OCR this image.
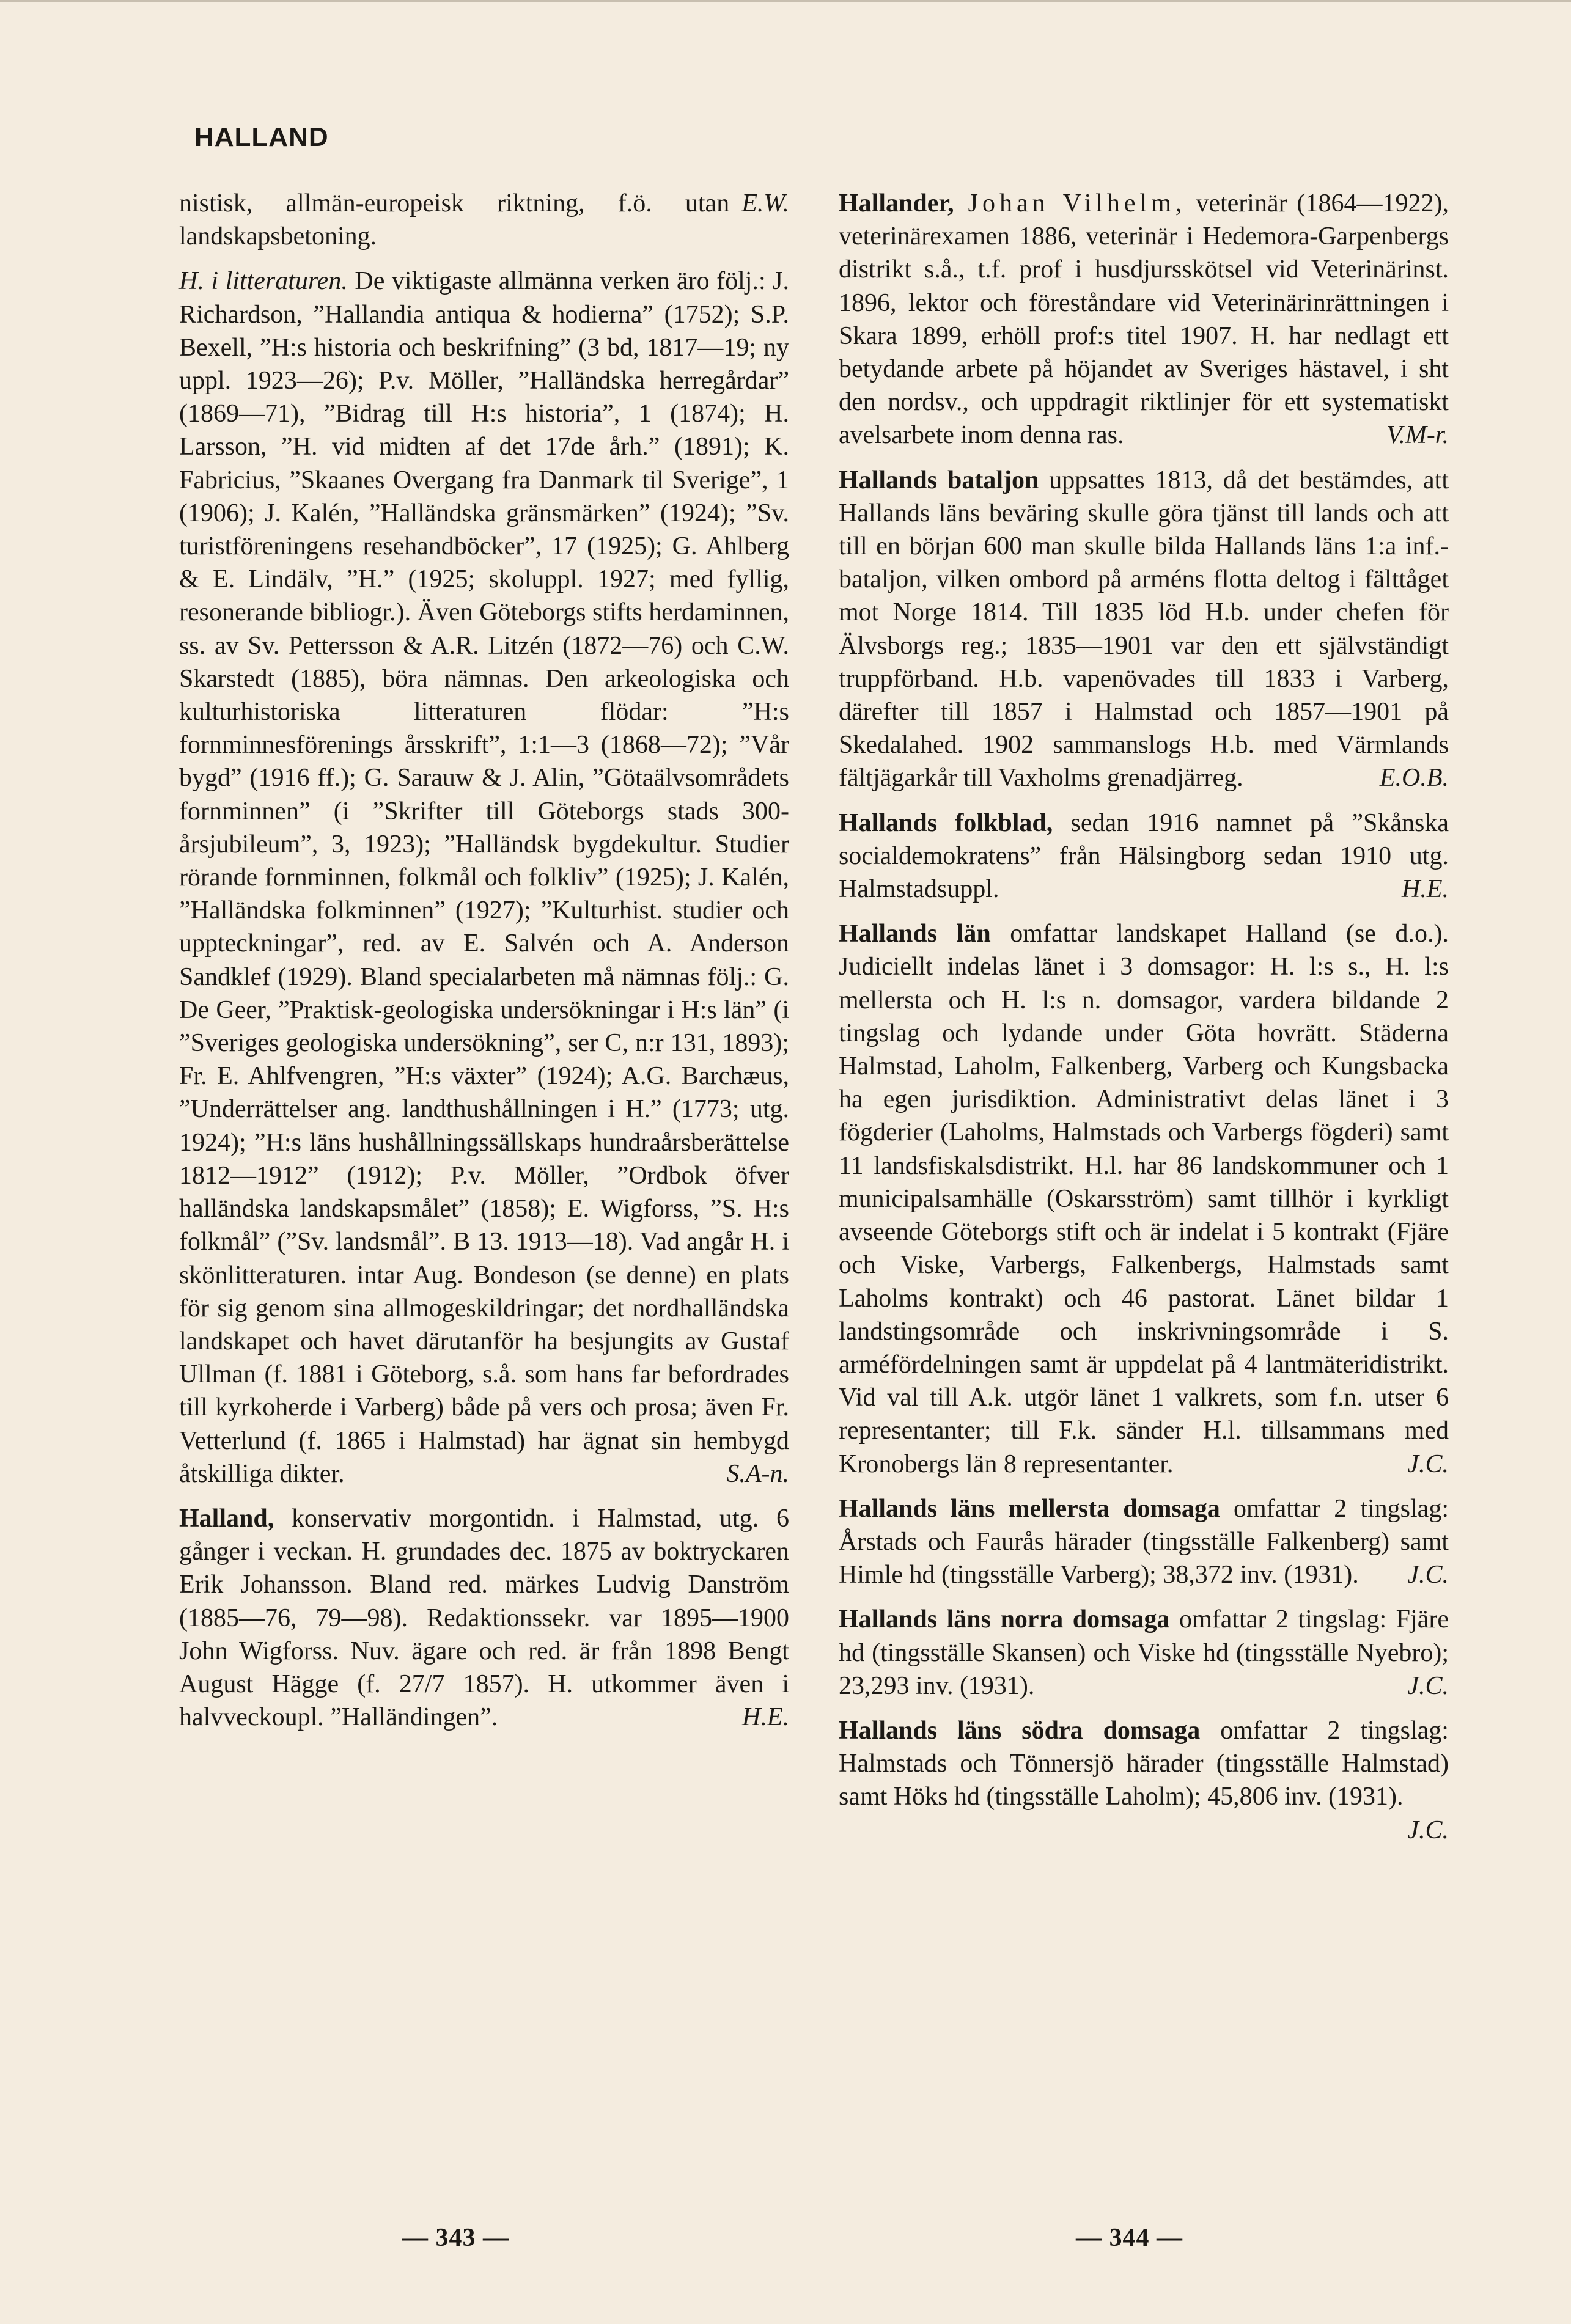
HALLAND

E.W.
nistisk, allmän-europeisk riktning, f.ö. utan landskapsbetoning.

H. i litteraturen. De viktigaste allmänna verken äro följ.: J. Richardson, ”Hallandia antiqua & hodierna” (1752); S.P. Bexell, ”H:s historia och beskrifning” (3 bd, 1817—19; ny uppl. 1923—26); P.v. Möller, ”Halländska herregårdar” (1869—71), ”Bidrag till H:s historia”, 1 (1874); H. Larsson, ”H. vid midten af det 17de årh.” (1891); K. Fabricius, ”Skaanes Overgang fra Danmark til Sverige”, 1 (1906); J. Kalén, ”Halländska gränsmärken” (1924); ”Sv. turistföreningens resehandböcker”, 17 (1925); G. Ahlberg & E. Lindälv, ”H.” (1925; skoluppl. 1927; med fyllig, resonerande bibliogr.). Även Göteborgs stifts herdaminnen, ss. av Sv. Pettersson & A.R. Litzén (1872—76) och C.W. Skarstedt (1885), böra nämnas. Den arkeologiska och kulturhistoriska litteraturen flödar: ”H:s fornminnesförenings årsskrift”, 1:1—3 (1868—72); ”Vår bygd” (1916 ff.); G. Sarauw & J. Alin, ”Götaälvsområdets fornminnen” (i ”Skrifter till Göteborgs stads 300-årsjubileum”, 3, 1923); ”Halländsk bygdekultur. Studier rörande fornminnen, folkmål och folkliv” (1925); J. Kalén, ”Halländska folkminnen” (1927); ”Kulturhist. studier och uppteckningar”, red. av E. Salvén och A. Anderson Sandklef (1929). Bland specialarbeten må nämnas följ.: G. De Geer, ”Praktisk-geologiska undersökningar i H:s län” (i ”Sveriges geologiska undersökning”, ser C, n:r 131, 1893); Fr. E. Ahlfvengren, ”H:s växter” (1924); A.G. Barchæus, ”Underrättelser ang. landthushållningen i H.” (1773; utg. 1924); ”H:s läns hushållningssällskaps hundraårsberättelse 1812—1912” (1912); P.v. Möller, ”Ordbok öfver halländska landskapsmålet” (1858); E. Wigforss, ”S. H:s folkmål” (”Sv. landsmål”. B 13. 1913—18). Vad angår H. i skönlitteraturen. intar Aug. Bondeson (se denne) en plats för sig genom sina allmogeskildringar; det nordhalländska landskapet och havet därutanför ha besjungits av Gustaf Ullman (f. 1881 i Göteborg, s.å. som hans far befordrades till kyrkoherde i Varberg) både på vers och prosa; även Fr. Vetterlund (f. 1865 i Halmstad) har ägnat sin hembygd åtskilliga dikter.	S.A-n.

Halland, konservativ morgontidn. i Halmstad, utg. 6 gånger i veckan. H. grundades dec. 1875 av boktryckaren Erik Johansson. Bland red. märkes Ludvig Danström (1885—76, 79—98). Redaktionssekr. var 1895—1900 John Wigforss. Nuv. ägare och red. är från 1898 Bengt August Hägge (f. 27/7 1857). H. utkommer även i halvveckoupl. ”Halländingen”.	H.E.

Hallander, Johan Vilhelm, veterinär (1864—1922), veterinärexamen 1886, veterinär i Hedemora-Garpenbergs distrikt s.å., t.f. prof i husdjursskötsel vid Veterinärinst. 1896, lektor och föreståndare vid Veterinärinrättningen i Skara 1899, erhöll prof:s titel 1907. H. har nedlagt ett betydande arbete på höjandet av Sveriges hästavel, i sht den nordsv., och uppdragit riktlinjer för ett systematiskt avelsarbete inom denna ras.	V.M-r.

Hallands bataljon uppsattes 1813, då det bestämdes, att Hallands läns beväring skulle göra tjänst till lands och att till en början 600 man skulle bilda Hallands läns 1:a inf.-bataljon, vilken ombord på arméns flotta deltog i fälttåget mot Norge 1814. Till 1835 löd H.b. under chefen för Älvsborgs reg.; 1835—1901 var den ett självständigt truppförband. H.b. vapenövades till 1833 i Varberg, därefter till 1857 i Halmstad och 1857—1901 på Skedalahed. 1902 sammanslogs H.b. med Värmlands fältjägarkår till Vaxholms grenadjärreg.	E.O.B.

Hallands folkblad, sedan 1916 namnet på ”Skånska socialdemokratens” från Hälsingborg sedan 1910 utg. Halmstadsuppl.	H.E.

Hallands län omfattar landskapet Halland (se d.o.). Judiciellt indelas länet i 3 domsagor: H. l:s s., H. l:s mellersta och H. l:s n. domsagor, vardera bildande 2 tingslag och lydande under Göta hovrätt. Städerna Halmstad, Laholm, Falkenberg, Varberg och Kungsbacka ha egen jurisdiktion. Administrativt delas länet i 3 fögderier (Laholms, Halmstads och Varbergs fögderi) samt 11 landsfiskalsdistrikt. H.l. har 86 landskommuner och 1 municipalsamhälle (Oskarsström) samt tillhör i kyrkligt avseende Göteborgs stift och är indelat i 5 kontrakt (Fjäre och Viske, Varbergs, Falkenbergs, Halmstads samt Laholms kontrakt) och 46 pastorat. Länet bildar 1 landstingsområde och inskrivningsområde i S. arméfördelningen samt är uppdelat på 4 lantmäteridistrikt. Vid val till A.k. utgör länet 1 valkrets, som f.n. utser 6 representanter; till F.k. sänder H.l. tillsammans med Kronobergs län 8 representanter.	J.C.

Hallands läns mellersta domsaga omfattar 2 tingslag: Årstads och Faurås härader (tingsställe Falkenberg) samt Himle hd (tingsställe Varberg); 38,372 inv. (1931).	J.C.

Hallands läns norra domsaga omfattar 2 tingslag: Fjäre hd (tingsställe Skansen) och Viske hd (tingsställe Nyebro); 23,293 inv. (1931).	J.C.

Hallands läns södra domsaga omfattar 2 tingslag: Halmstads och Tönnersjö härader (tingsställe Halmstad) samt Höks hd (tingsställe Laholm); 45,806 inv. (1931).
J.C.

— 343 —	— 344 —
